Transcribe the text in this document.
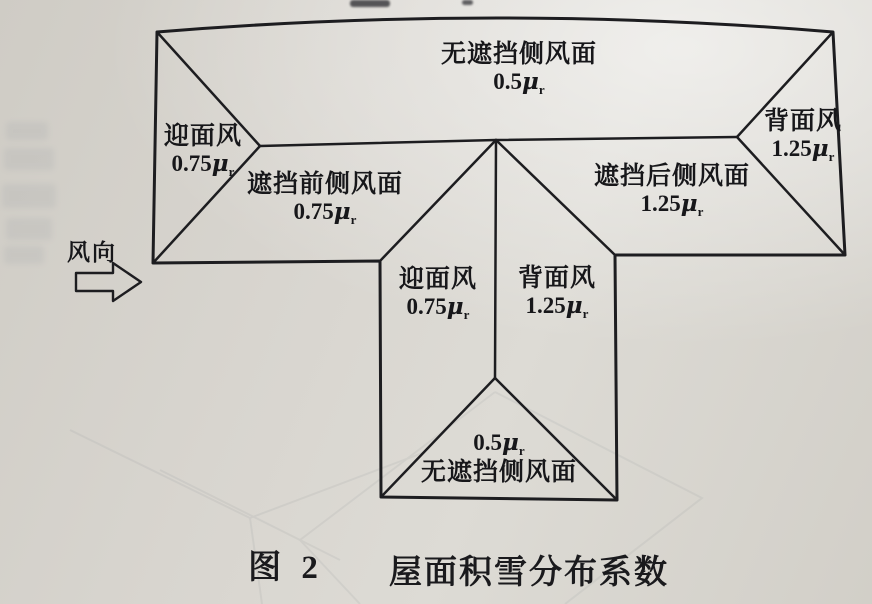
无遮挡侧风面
$0.5\mu_r$
迎面风
$0.75\mu_r$
背面风
$1.25\mu_r$
遮挡前侧风面
$0.75\mu_r$
遮挡后侧风面
$1.25\mu_r$
迎面风
$0.75\mu_r$
背面风
$1.25\mu_r$
无遮挡侧风面
$0.5\mu_r$
风向
图 2 屋面积雪分布系数
